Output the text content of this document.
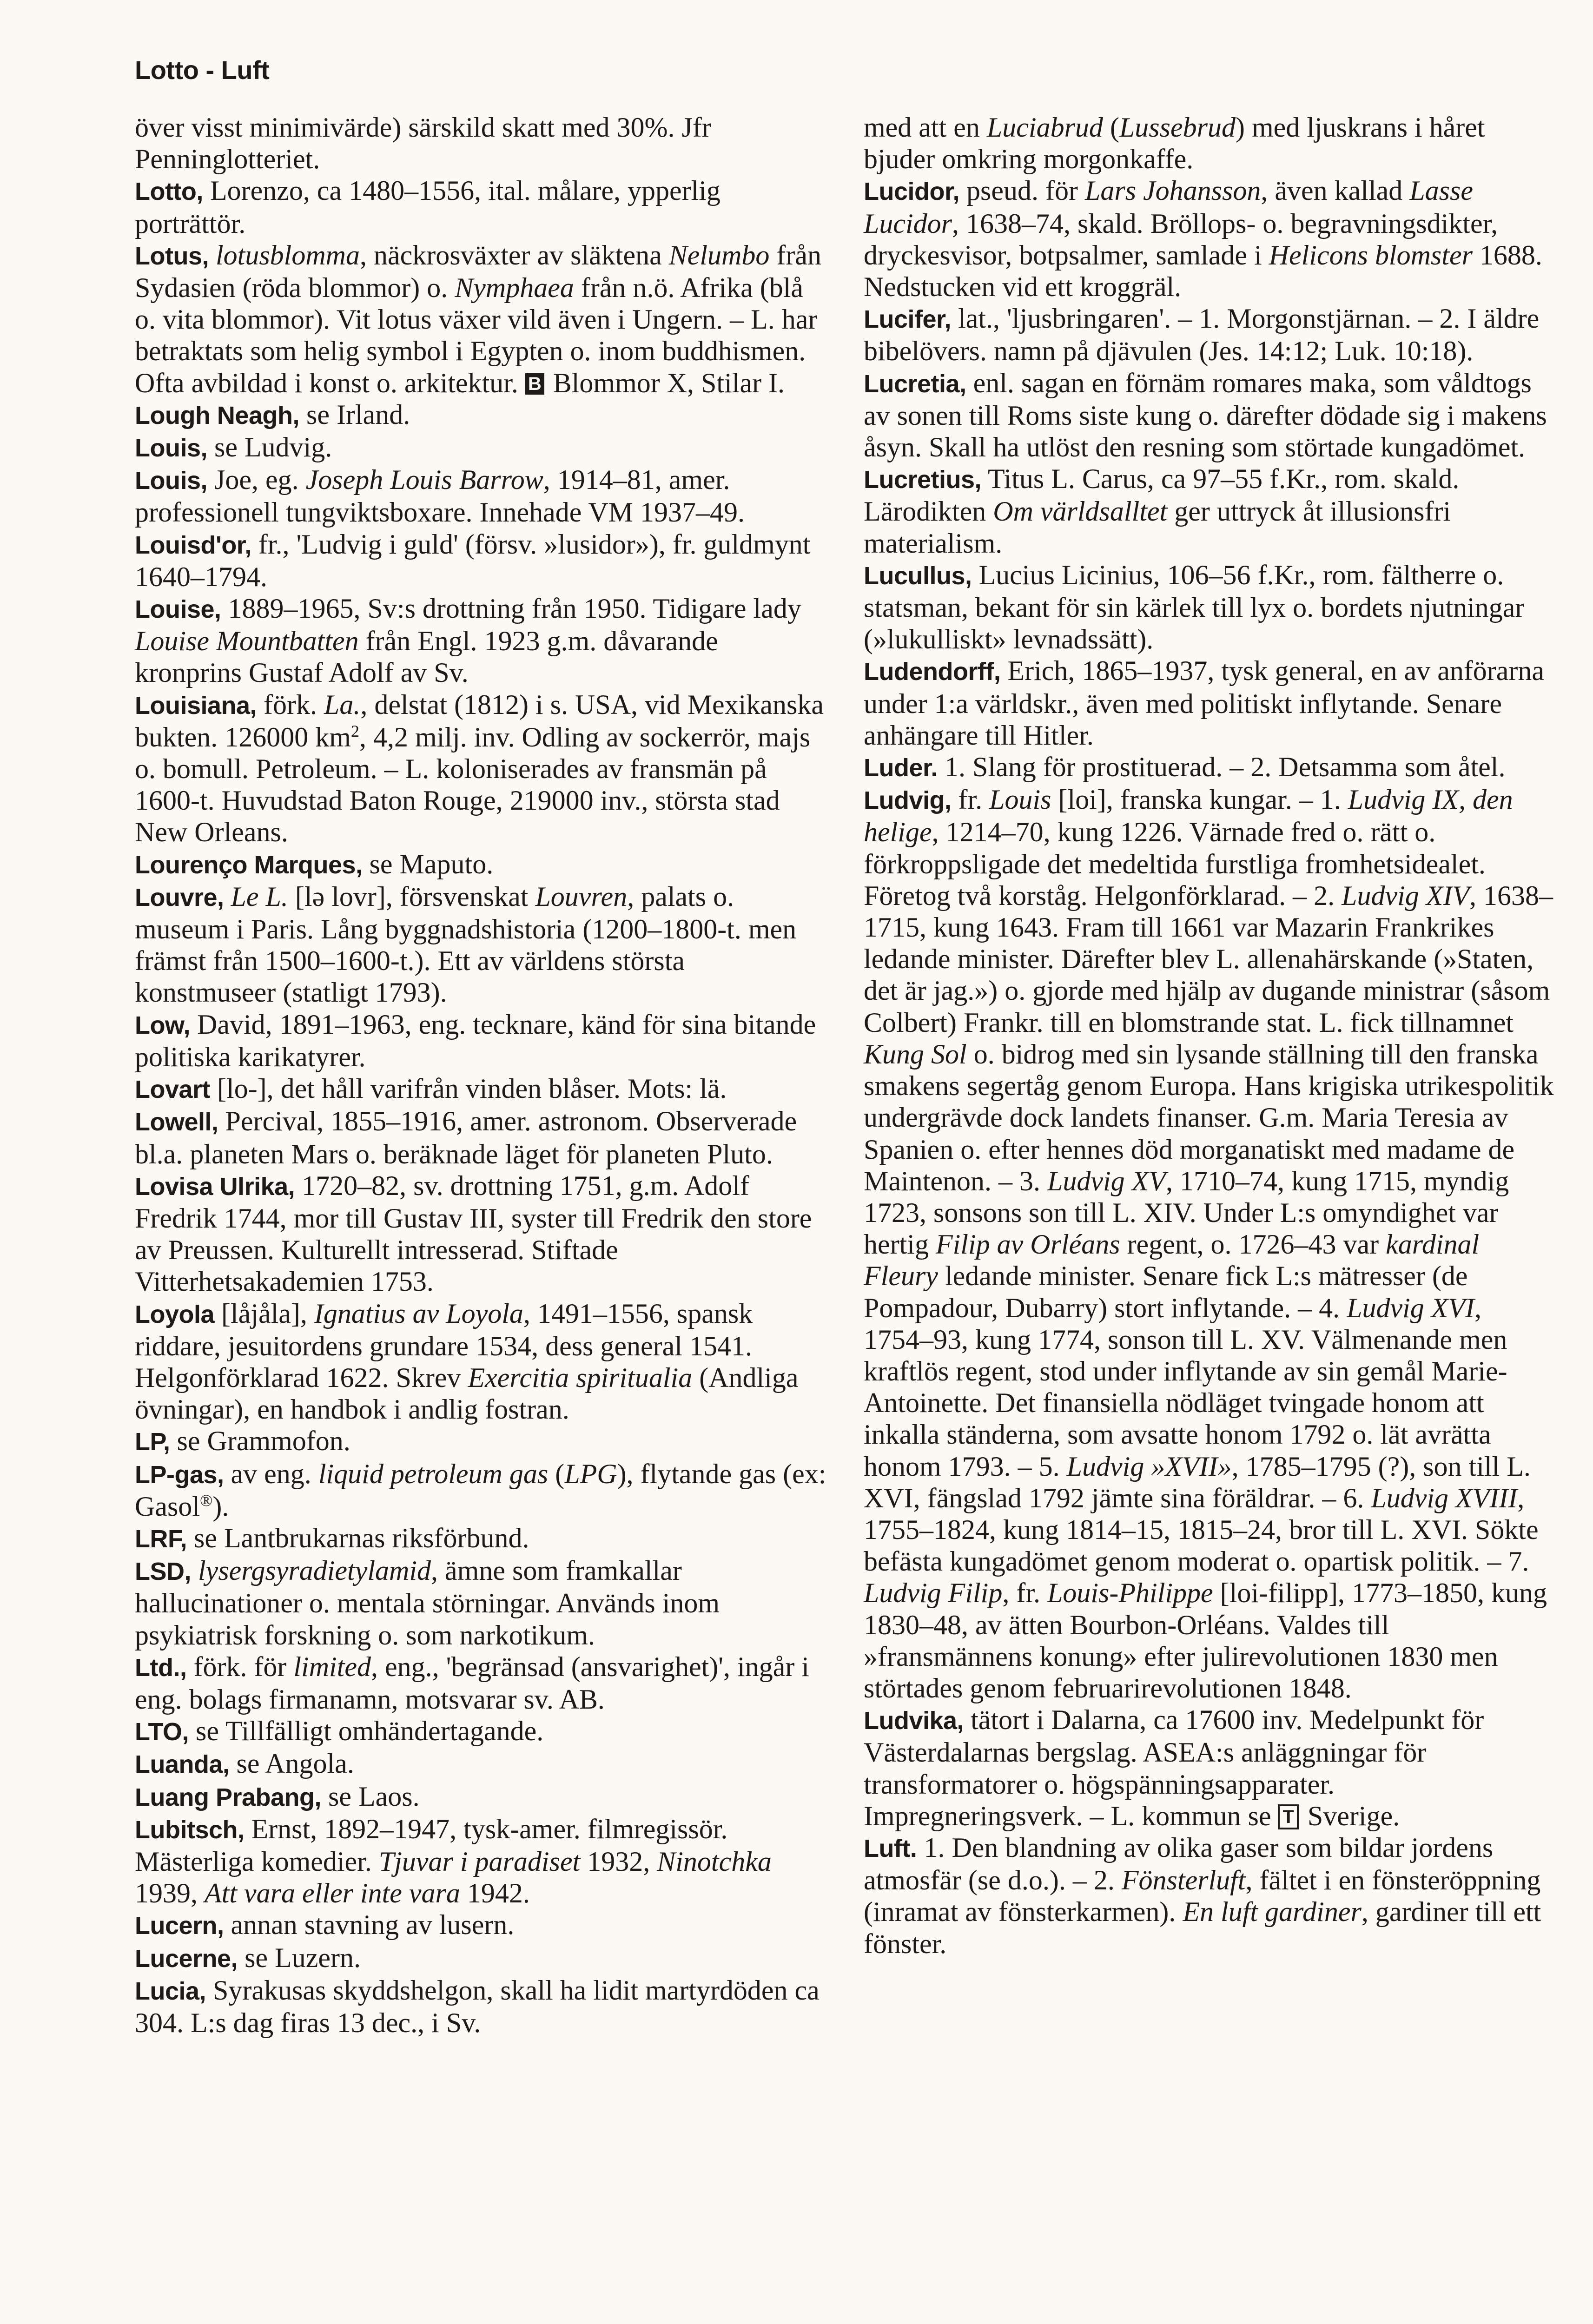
Lotto - Luft

över visst minimivärde) särskild skatt med 30%. Jfr Penninglotteriet.

Lotto, Lorenzo, ca 1480–1556, ital. målare, ypperlig porträttör.

Lotus, lotusblomma, näckrosväxter av släktena Nelumbo från Sydasien (röda blommor) o. Nymphaea från n.ö. Afrika (blå o. vita blommor). Vit lotus växer vild även i Ungern. – L. har betraktats som helig symbol i Egypten o. inom buddhismen. Ofta avbildad i konst o. arkitektur. B Blommor X, Stilar I.

Lough Neagh, se Irland.

Louis, se Ludvig.

Louis, Joe, eg. Joseph Louis Barrow, 1914–81, amer. professionell tungviktsboxare. Innehade VM 1937–49.

Louisd'or, fr., 'Ludvig i guld' (försv. »lusidor»), fr. guldmynt 1640–1794.

Louise, 1889–1965, Sv:s drottning från 1950. Tidigare lady Louise Mountbatten från Engl. 1923 g.m. dåvarande kronprins Gustaf Adolf av Sv.

Louisiana, förk. La., delstat (1812) i s. USA, vid Mexikanska bukten. 126000 $km^2$, 4,2 milj. inv. Odling av sockerrör, majs o. bomull. Petroleum. – L. koloniserades av fransmän på 1600-t. Huvudstad Baton Rouge, 219000 inv., största stad New Orleans.

Lourenço Marques, se Maputo.

Louvre, Le L. [lə lovr], försvenskat Louvren, palats o. museum i Paris. Lång byggnadshistoria (1200–1800-t. men främst från 1500–1600-t.). Ett av världens största konstmuseer (statligt 1793).

Low, David, 1891–1963, eng. tecknare, känd för sina bitande politiska karikatyrer.

Lovart [lo-], det håll varifrån vinden blåser. Mots: lä.

Lowell, Percival, 1855–1916, amer. astronom. Observerade bl.a. planeten Mars o. beräknade läget för planeten Pluto.

Lovisa Ulrika, 1720–82, sv. drottning 1751, g.m. Adolf Fredrik 1744, mor till Gustav III, syster till Fredrik den store av Preussen. Kulturellt intresserad. Stiftade Vitterhetsakademien 1753.

Loyola [låjåla], Ignatius av Loyola, 1491–1556, spansk riddare, jesuitordens grundare 1534, dess general 1541. Helgonförklarad 1622. Skrev Exercitia spiritualia (Andliga övningar), en handbok i andlig fostran.

LP, se Grammofon.

LP-gas, av eng. liquid petroleum gas (LPG), flytande gas (ex: Gasol®).

LRF, se Lantbrukarnas riksförbund.

LSD, lysergsyradietylamid, ämne som framkallar hallucinationer o. mentala störningar. Används inom psykiatrisk forskning o. som narkotikum.

Ltd., förk. för limited, eng., 'begränsad (ansvarighet)', ingår i eng. bolags firmanamn, motsvarar sv. AB.

LTO, se Tillfälligt omhändertagande.

Luanda, se Angola.

Luang Prabang, se Laos.

Lubitsch, Ernst, 1892–1947, tysk-amer. filmregissör. Mästerliga komedier. Tjuvar i paradiset 1932, Ninotchka 1939, Att vara eller inte vara 1942.

Lucern, annan stavning av lusern.

Lucerne, se Luzern.

Lucia, Syrakusas skyddshelgon, skall ha lidit martyrdöden ca 304. L:s dag firas 13 dec., i Sv.

med att en Luciabrud (Lussebrud) med ljuskrans i håret bjuder omkring morgonkaffe.

Lucidor, pseud. för Lars Johansson, även kallad Lasse Lucidor, 1638–74, skald. Bröllops- o. begravningsdikter, dryckesvisor, botpsalmer, samlade i Helicons blomster 1688. Nedstucken vid ett kroggräl.

Lucifer, lat., 'ljusbringaren'. – 1. Morgonstjärnan. – 2. I äldre bibelövers. namn på djävulen (Jes. 14:12; Luk. 10:18).

Lucretia, enl. sagan en förnäm romares maka, som våldtogs av sonen till Roms siste kung o. därefter dödade sig i makens åsyn. Skall ha utlöst den resning som störtade kungadömet.

Lucretius, Titus L. Carus, ca 97–55 f.Kr., rom. skald. Lärodikten Om världsalltet ger uttryck åt illusionsfri materialism.

Lucullus, Lucius Licinius, 106–56 f.Kr., rom. fältherre o. statsman, bekant för sin kärlek till lyx o. bordets njutningar (»lukulliskt» levnadssätt).

Ludendorff, Erich, 1865–1937, tysk general, en av anförarna under 1:a världskr., även med politiskt inflytande. Senare anhängare till Hitler.

Luder. 1. Slang för prostituerad. – 2. Detsamma som åtel.

Ludvig, fr. Louis [loi], franska kungar. – 1. Ludvig IX, den helige, 1214–70, kung 1226. Värnade fred o. rätt o. förkroppsligade det medeltida furstliga fromhetsidealet. Företog två korståg. Helgonförklarad. – 2. Ludvig XIV, 1638–1715, kung 1643. Fram till 1661 var Mazarin Frankrikes ledande minister. Därefter blev L. allenahärskande (»Staten, det är jag.») o. gjorde med hjälp av dugande ministrar (såsom Colbert) Frankr. till en blomstrande stat. L. fick tillnamnet Kung Sol o. bidrog med sin lysande ställning till den franska smakens segertåg genom Europa. Hans krigiska utrikespolitik undergrävde dock landets finanser. G.m. Maria Teresia av Spanien o. efter hennes död morganatiskt med madame de Maintenon. – 3. Ludvig XV, 1710–74, kung 1715, myndig 1723, sonsons son till L. XIV. Under L:s omyndighet var hertig Filip av Orléans regent, o. 1726–43 var kardinal Fleury ledande minister. Senare fick L:s mätresser (de Pompadour, Dubarry) stort inflytande. – 4. Ludvig XVI, 1754–93, kung 1774, sonson till L. XV. Välmenande men kraftlös regent, stod under inflytande av sin gemål Marie-Antoinette. Det finansiella nödläget tvingade honom att inkalla ständerna, som avsatte honom 1792 o. lät avrätta honom 1793. – 5. Ludvig »XVII», 1785–1795 (?), son till L. XVI, fängslad 1792 jämte sina föräldrar. – 6. Ludvig XVIII, 1755–1824, kung 1814–15, 1815–24, bror till L. XVI. Sökte befästa kungadömet genom moderat o. opartisk politik. – 7. Ludvig Filip, fr. Louis-Philippe [loi-filipp], 1773–1850, kung 1830–48, av ätten Bourbon-Orléans. Valdes till »fransmännens konung» efter julirevolutionen 1830 men störtades genom februarirevolutionen 1848.

Ludvika, tätort i Dalarna, ca 17600 inv. Medelpunkt för Västerdalarnas bergslag. ASEA:s anläggningar för transformatorer o. högspänningsapparater. Impregneringsverk. – L. kommun se T Sverige.

Luft. 1. Den blandning av olika gaser som bildar jordens atmosfär (se d.o.). – 2. Fönsterluft, fältet i en fönsteröppning (inramat av fönsterkarmen). En luft gardiner, gardiner till ett fönster.
